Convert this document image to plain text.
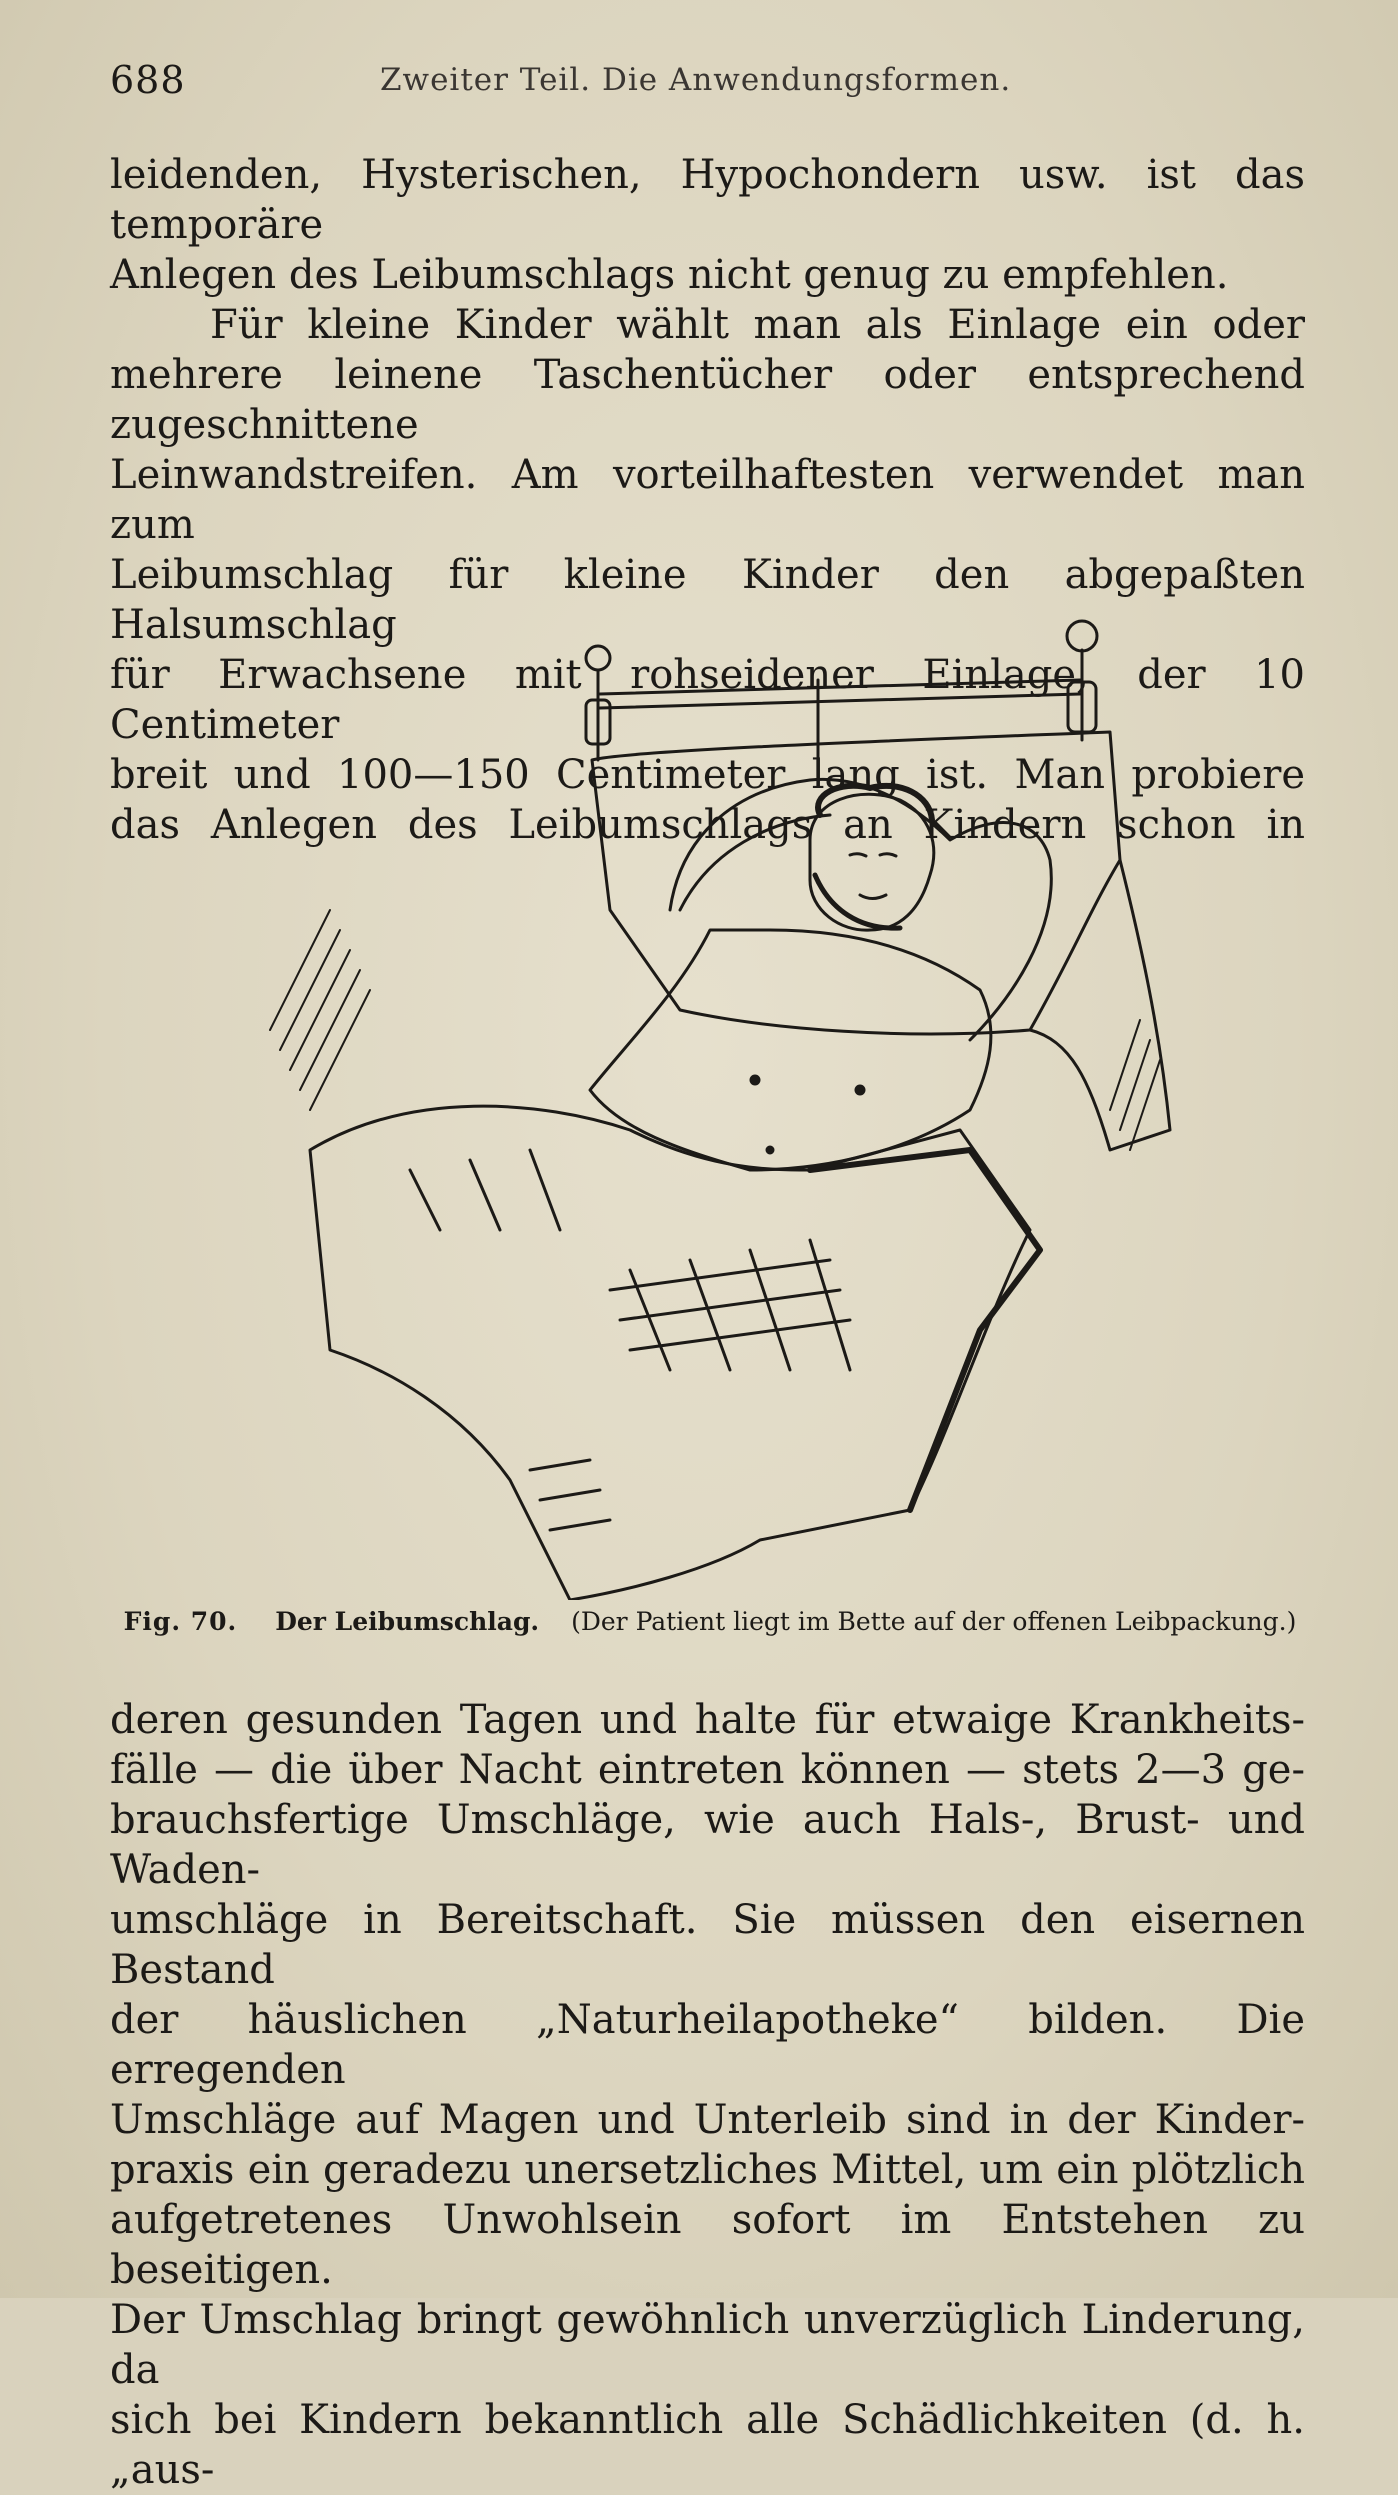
688	Zweiter Teil. Die Anwendungsformen.

leidenden, Hysterischen, Hypochondern usw. ist das temporäre

Anlegen des Leibumschlags nicht genug zu empfehlen.

Für kleine Kinder wählt man als Einlage ein oder

mehrere leinene Taschentücher oder entsprechend zugeschnittene

Leinwandstreifen. Am vorteilhaftesten verwendet man zum

Leibumschlag für kleine Kinder den abgepaßten Halsumschlag

für Erwachsene mit rohseidener Einlage, der 10 Centimeter

breit und 100—150 Centimeter lang ist. Man probiere

das Anlegen des Leibumschlags an Kindern schon in

Fig. 70. Der Leibumschlag. (Der Patient liegt im Bette auf der offenen Leibpackung.)

deren gesunden Tagen und halte für etwaige Krankheits-

fälle — die über Nacht eintreten können — stets 2—3 ge-

brauchsfertige Umschläge, wie auch Hals-, Brust- und Waden-

umschläge in Bereitschaft. Sie müssen den eisernen Bestand

der häuslichen „Naturheilapotheke“ bilden. Die erregenden

Umschläge auf Magen und Unterleib sind in der Kinder-

praxis ein geradezu unersetzliches Mittel, um ein plötzlich

aufgetretenes Unwohlsein sofort im Entstehen zu beseitigen.

Der Umschlag bringt gewöhnlich unverzüglich Linderung, da

sich bei Kindern bekanntlich alle Schädlichkeiten (d. h. „aus-
